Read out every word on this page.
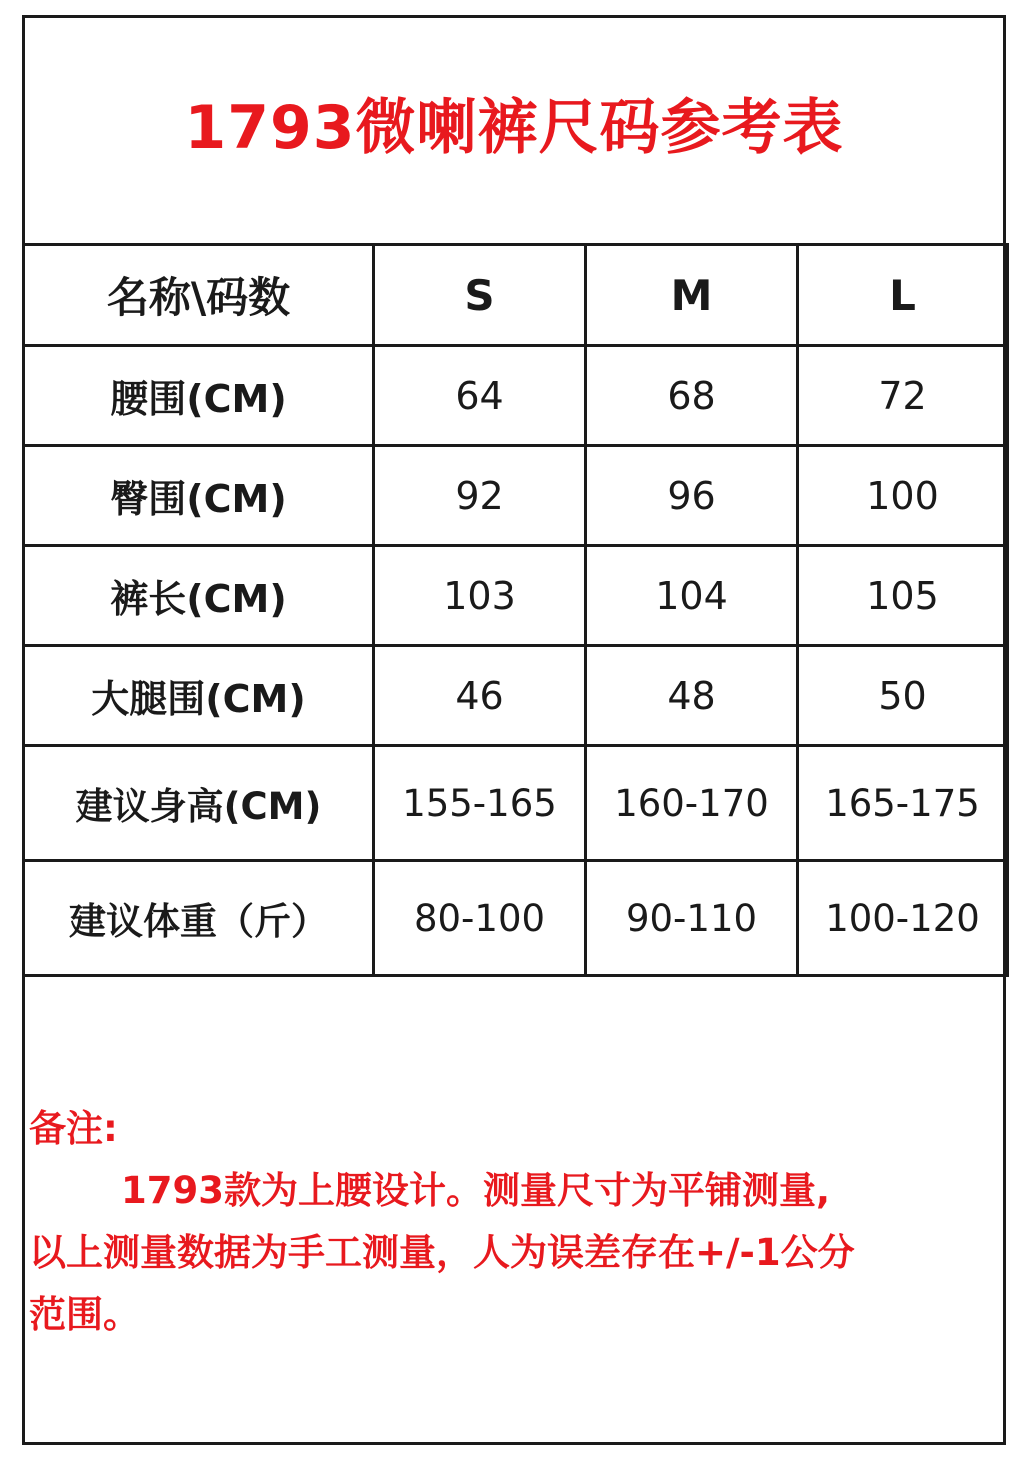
1793微喇裤尺码参考表
名称\码数	S	M	L
腰围(CM)	64	68	72
臀围(CM)	92	96	100
裤长(CM)	103	104	105
大腿围(CM)	46	48	50
建议身高(CM)	155-165	160-170	165-175
建议体重（斤）	80-100	90-110	100-120
备注:
1793款为上腰设计。测量尺寸为平铺测量,
以上测量数据为手工测量，人为误差存在+/-1公分
范围。
